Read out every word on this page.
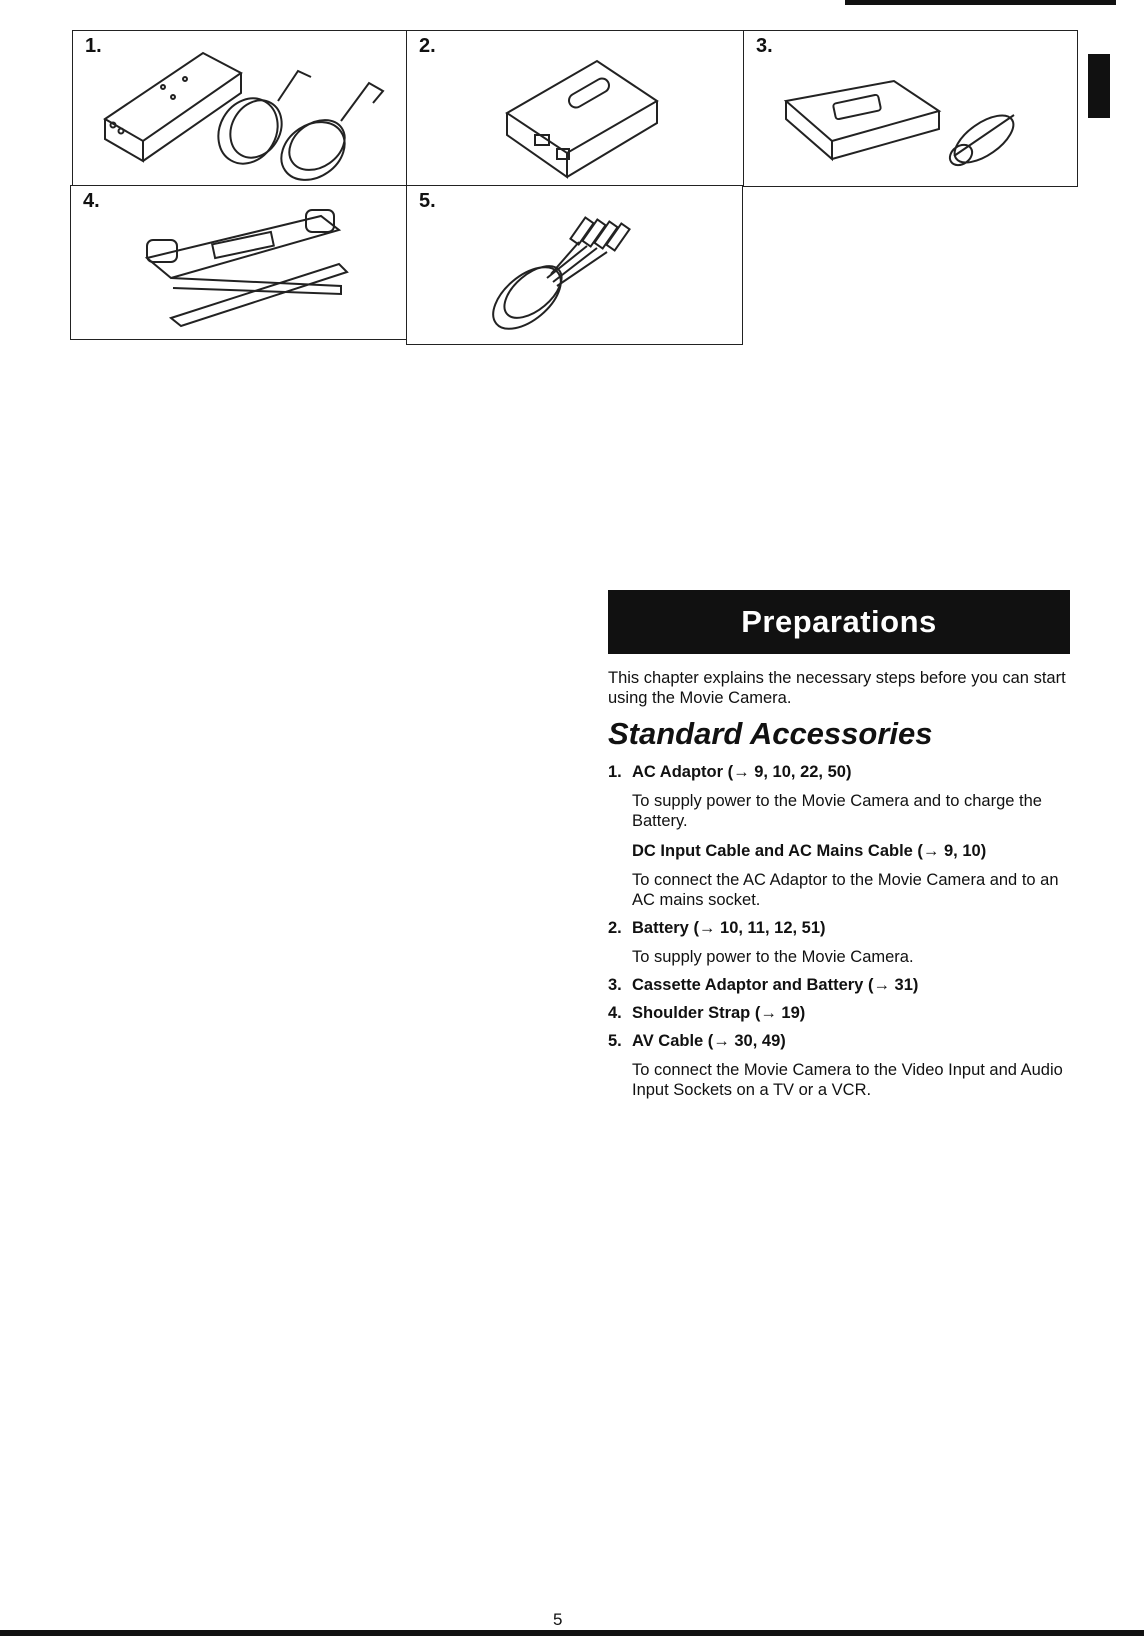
1.	2.	3.
4.	5.
Preparations

This chapter explains the necessary steps before you can start using the Movie Camera.

Standard Accessories
1. AC Adaptor (→ 9, 10, 22, 50)
To supply power to the Movie Camera and to charge the Battery.
DC Input Cable and AC Mains Cable (→ 9, 10)
To connect the AC Adaptor to the Movie Camera and to an AC mains socket.
2. Battery (→ 10, 11, 12, 51)
To supply power to the Movie Camera.
3. Cassette Adaptor and Battery (→ 31)
4. Shoulder Strap (→ 19)
5. AV Cable (→ 30, 49)
To connect the Movie Camera to the Video Input and Audio Input Sockets on a TV or a VCR.
5
